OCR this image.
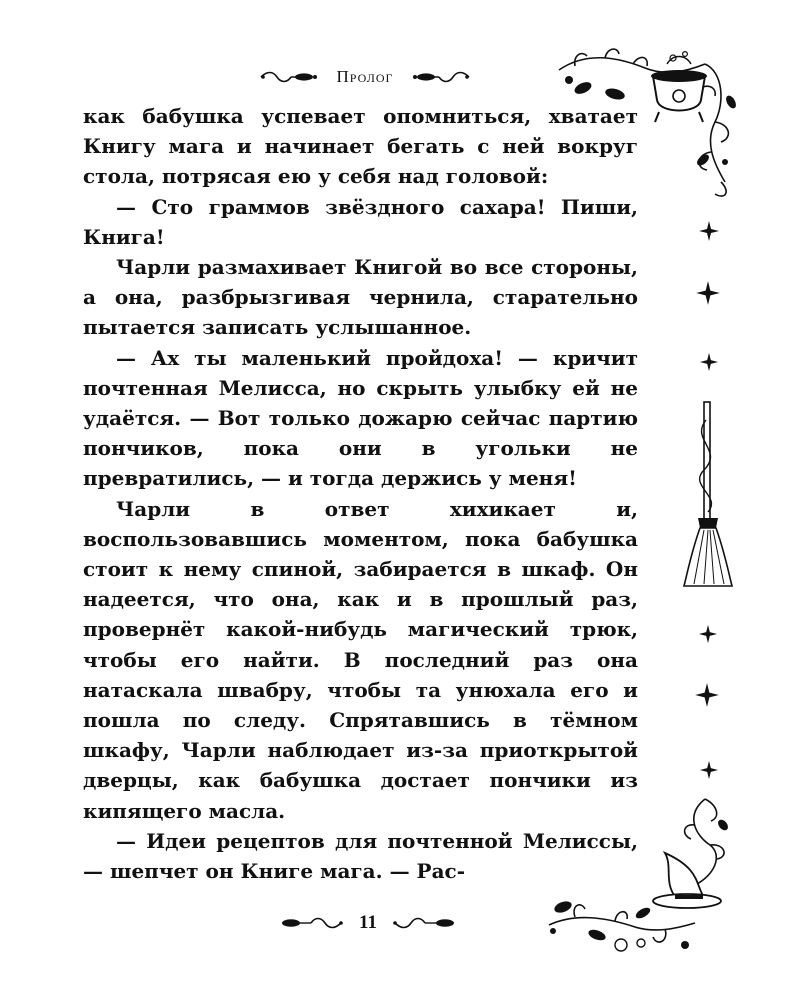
Пролог

как бабушка успевает опомниться, хватает Книгу мага и начинает бегать с ней вокруг стола, потрясая ею у себя над головой:

— Сто граммов звёздного сахара! Пиши, Книга!

Чарли размахивает Книгой во все стороны, а она, разбрызгивая чернила, старательно пытается записать услышанное.

— Ах ты маленький пройдоха! — кричит почтенная Мелисса, но скрыть улыбку ей не удаётся. — Вот только дожарю сейчас партию пончиков, пока они в угольки не превратились, — и тогда держись у меня!

Чарли в ответ хихикает и, воспользовавшись моментом, пока бабушка стоит к нему спиной, забирается в шкаф. Он надеется, что она, как и в прошлый раз, провернёт какой-нибудь магический трюк, чтобы его найти. В последний раз она натаскала швабру, чтобы та унюхала его и пошла по следу. Спрятавшись в тёмном шкафу, Чарли наблюдает из-за приоткрытой дверцы, как бабушка достает пончики из кипящего масла.

— Идеи рецептов для почтенной Мелиссы, — шепчет он Книге мага. — Рас-

11
